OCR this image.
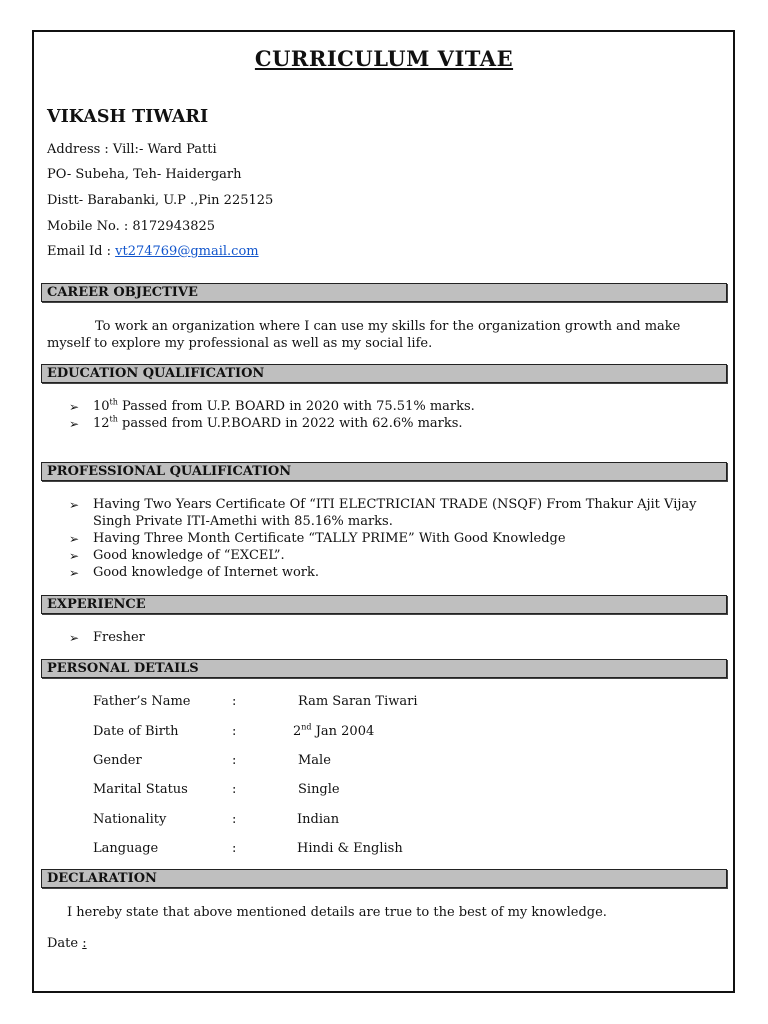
CURRICULUM VITAE
VIKASH TIWARI
Address : Vill:- Ward Patti
PO- Subeha, Teh- Haidergarh
Distt- Barabanki, U.P .,Pin 225125
Mobile No. : 8172943825
Email Id : vt274769@gmail.com
CAREER OBJECTIVE
To work an organization where I can use my skills for the organization growth and make
myself to explore my professional as well as my social life.
EDUCATION QUALIFICATION
➢ 10th Passed from U.P. BOARD in 2020 with 75.51% marks.
➢ 12th passed from U.P.BOARD in 2022 with 62.6% marks.
PROFESSIONAL QUALIFICATION
➢ Having Two Years Certificate Of “ITI ELECTRICIAN TRADE (NSQF) From Thakur Ajit Vijay
Singh Private ITI-Amethi with 85.16% marks.
➢ Having Three Month Certificate “TALLY PRIME” With Good Knowledge
➢ Good knowledge of “EXCEL”.
➢ Good knowledge of Internet work.
EXPERIENCE
➢ Fresher
PERSONAL DETAILS
Father’s Name	:	Ram Saran Tiwari
Date of Birth	:	2nd Jan 2004
Gender	:	Male
Marital Status	:	Single
Nationality	:	Indian
Language	:	Hindi & English
DECLARATION
I hereby state that above mentioned details are true to the best of my knowledge.
Date :
